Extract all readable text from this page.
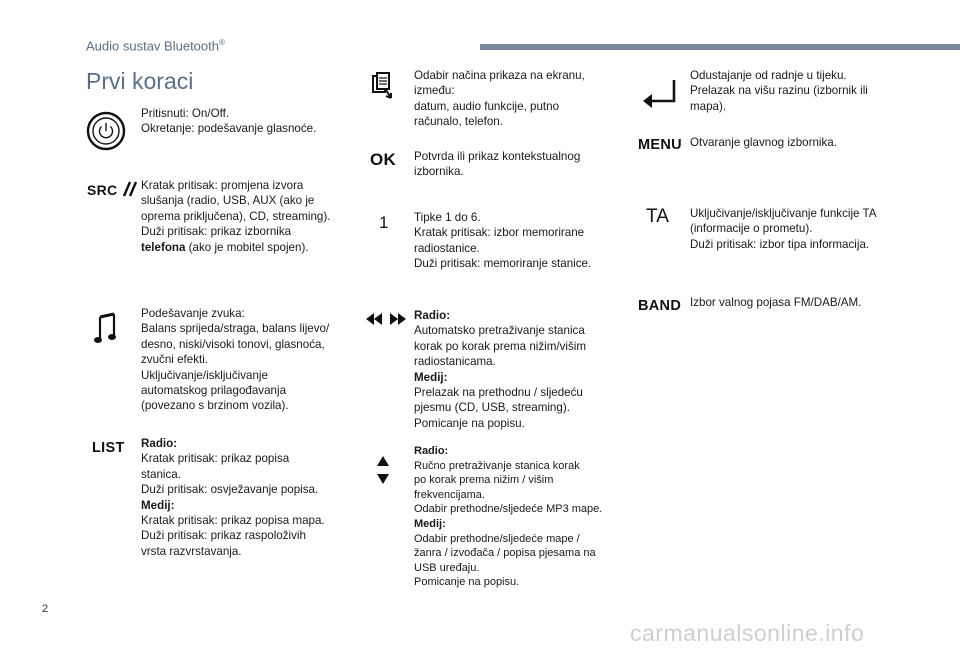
Audio sustav Bluetooth®
Prvi koraci
Pritisnuti: On/Off.
Okretanje: podešavanje glasnoće.
SRC	Kratak pritisak: promjena izvora
slušanja (radio, USB, AUX (ako je
oprema priključena), CD, streaming).
Duži pritisak: prikaz izbornika
telefona (ako je mobitel spojen).
Podešavanje zvuka:
Balans sprijeda/straga, balans lijevo/
desno, niski/visoki tonovi, glasnoća,
zvučni efekti.
Uključivanje/isključivanje
automatskog prilagođavanja
(povezano s brzinom vozila).
LIST Radio:
Kratak pritisak: prikaz popisa
stanica.
Duži pritisak: osvježavanje popisa.
Medij:
Kratak pritisak: prikaz popisa mapa.
Duži pritisak: prikaz raspoloživih
vrsta razvrstavanja.
Odabir načina prikaza na ekranu,
između:
datum, audio funkcije, putno
računalo, telefon.
OK Potvrda ili prikaz kontekstualnog
izbornika.
1 Tipke 1 do 6.
Kratak pritisak: izbor memorirane
radiostanice.
Duži pritisak: memoriranje stanice.
Radio:
Automatsko pretraživanje stanica
korak po korak prema nižim/višim
radiostanicama.
Medij:
Prelazak na prethodnu / sljedeću
pjesmu (CD, USB, streaming).
Pomicanje na popisu.
Radio:
Ručno pretraživanje stanica korak
po korak prema nižim / višim
frekvencijama.
Odabir prethodne/sljedeće MP3 mape.
Medij:
Odabir prethodne/sljedeće mape /
žanra / izvođača / popisa pjesama na
USB uređaju.
Pomicanje na popisu.
Odustajanje od radnje u tijeku.
Prelazak na višu razinu (izbornik ili
mapa).
MENU Otvaranje glavnog izbornika.
TA Uključivanje/isključivanje funkcije TA
(informacije o prometu).
Duži pritisak: izbor tipa informacija.
BAND Izbor valnog pojasa FM/DAB/AM.
2
carmanualsonline.info
